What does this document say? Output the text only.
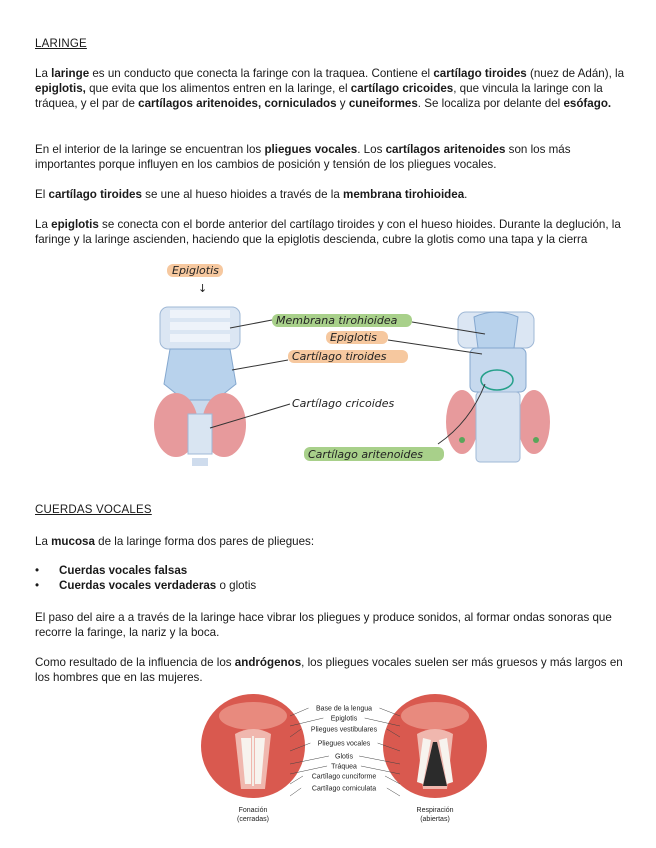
LARINGE
La laringe es un conducto que conecta la faringe con la traquea. Contiene el cartílago tiroides (nuez de Adán), la epiglotis, que evita que los alimentos entren en la laringe, el cartílago cricoides, que vincula la laringe con la tráquea, y el par de cartílagos aritenoides, corniculados y cuneiformes. Se localiza por delante del esófago.
En el interior de la laringe se encuentran los pliegues vocales. Los cartílagos aritenoides son los más importantes porque influyen en los cambios de posición y tensión de los pliegues vocales.
El cartílago tiroides se une al hueso hioides a través de la membrana tirohioidea.
La epiglotis se conecta con el borde anterior del cartílago tiroides y con el hueso hioides. Durante la deglución, la faringe y la laringe ascienden, haciendo que la epiglotis descienda, cubre la glotis como una tapa y la cierra
Epiglotis
↓
Membrana tirohioidea
Epiglotis
Cartílago tiroides
Cartílago cricoides
Cartílago aritenoides
CUERDAS VOCALES
La mucosa de la laringe forma dos pares de pliegues:
•	Cuerdas vocales falsas
•	Cuerdas vocales verdaderas o glotis
El paso del aire a a través de la laringe hace vibrar los pliegues y produce sonidos, al formar ondas sonoras que recorre la faringe, la nariz y la boca.
Como resultado de la influencia de los andrógenos, los pliegues vocales suelen ser más gruesos y más largos en los hombres que en las mujeres.
Base de la lengua
Epiglotis
Pliegues vestibulares
Pliegues vocales
Glotis
Tráquea
Cartílago cunciforme
Cartílago corniculata
Fonación
(cerradas)
Respiración
(abiertas)
